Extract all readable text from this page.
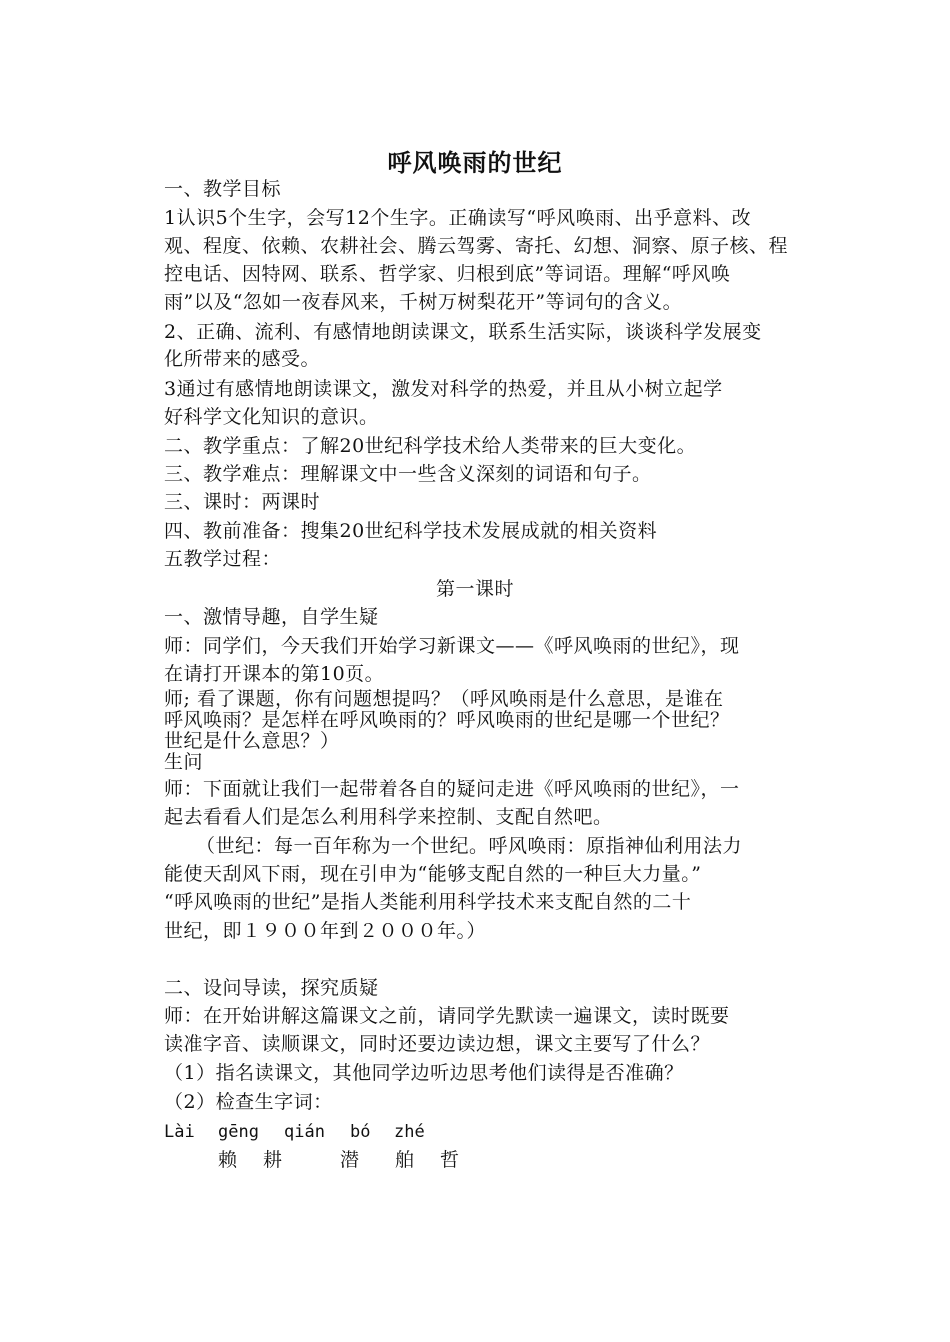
呼风唤雨的世纪
一、教学目标
1认识5个生字，会写12个生字。正确读写“呼风唤雨、出乎意料、改
观、程度、依赖、农耕社会、腾云驾雾、寄托、幻想、洞察、原子核、程
控电话、因特网、联系、哲学家、归根到底”等词语。理解“呼风唤
雨”以及“忽如一夜春风来，千树万树梨花开”等词句的含义。
2、正确、流利、有感情地朗读课文，联系生活实际，谈谈科学发展变
化所带来的感受。
3通过有感情地朗读课文，激发对科学的热爱，并且从小树立起学
好科学文化知识的意识。
二、教学重点：了解20世纪科学技术给人类带来的巨大变化。
三、教学难点：理解课文中一些含义深刻的词语和句子。
三、课时：两课时
四、教前准备：搜集20世纪科学技术发展成就的相关资料
五教学过程：
第一课时
一、激情导趣，自学生疑
师：同学们，今天我们开始学习新课文——《呼风唤雨的世纪》，现
在请打开课本的第10页。
师; 看了课题，你有问题想提吗？（呼风唤雨是什么意思，是谁在
呼风唤雨？是怎样在呼风唤雨的？呼风唤雨的世纪是哪一个世纪？
世纪是什么意思？）
生问
师：下面就让我们一起带着各自的疑问走进《呼风唤雨的世纪》，一
起去看看人们是怎么利用科学来控制、支配自然吧。
（世纪：每一百年称为一个世纪。呼风唤雨：原指神仙利用法力
能使天刮风下雨，现在引申为“能够支配自然的一种巨大力量。”
“呼风唤雨的世纪”是指人类能利用科学技术来支配自然的二十
世纪，即１９００年到２０００年。）
二、设问导读，探究质疑
师：在开始讲解这篇课文之前，请同学先默读一遍课文，读时既要
读准字音、读顺课文，同时还要边读边想，课文主要写了什么？
（1）指名读课文，其他同学边听边思考他们读得是否准确？
（2）检查生字词：
Lài gēng qián bó zhé
赖 耕	潜 舶 哲
